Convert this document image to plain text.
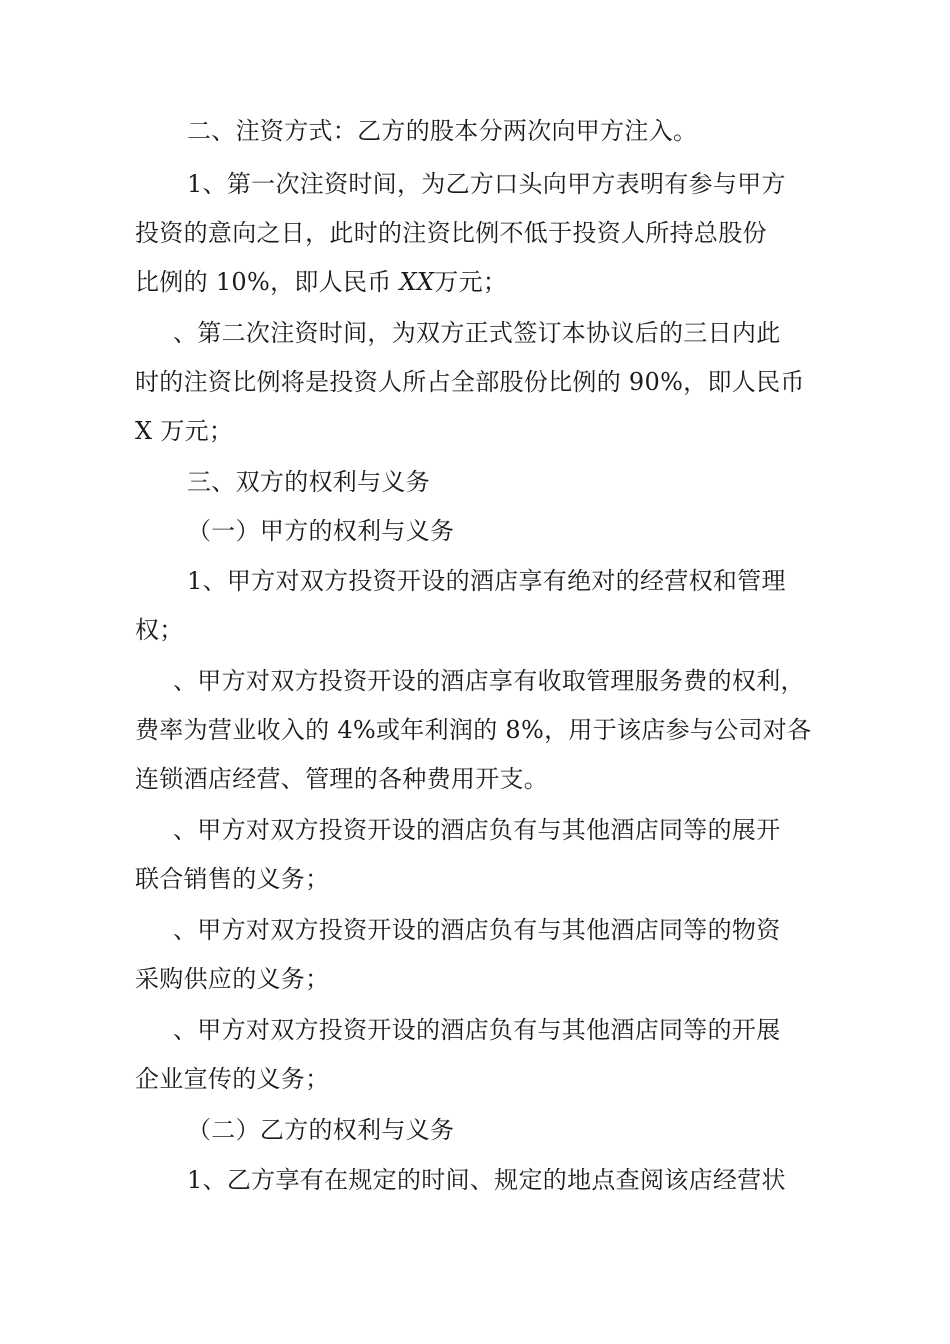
二、注资方式：乙方的股本分两次向甲方注入。

1、第一次注资时间，为乙方口头向甲方表明有参与甲方
投资的意向之日，此时的注资比例不低于投资人所持总股份
比例的 10%，即人民币 XX万元；

、第二次注资时间，为双方正式签订本协议后的三日内此
时的注资比例将是投资人所占全部股份比例的 90%，即人民币
X 万元；

三、双方的权利与义务

（一）甲方的权利与义务

1、甲方对双方投资开设的酒店享有绝对的经营权和管理
权；

、甲方对双方投资开设的酒店享有收取管理服务费的权利，
费率为营业收入的 4%或年利润的 8%，用于该店参与公司对各
连锁酒店经营、管理的各种费用开支。

、甲方对双方投资开设的酒店负有与其他酒店同等的展开
联合销售的义务；

、甲方对双方投资开设的酒店负有与其他酒店同等的物资
采购供应的义务；

、甲方对双方投资开设的酒店负有与其他酒店同等的开展
企业宣传的义务；

（二）乙方的权利与义务

1、乙方享有在规定的时间、规定的地点查阅该店经营状
